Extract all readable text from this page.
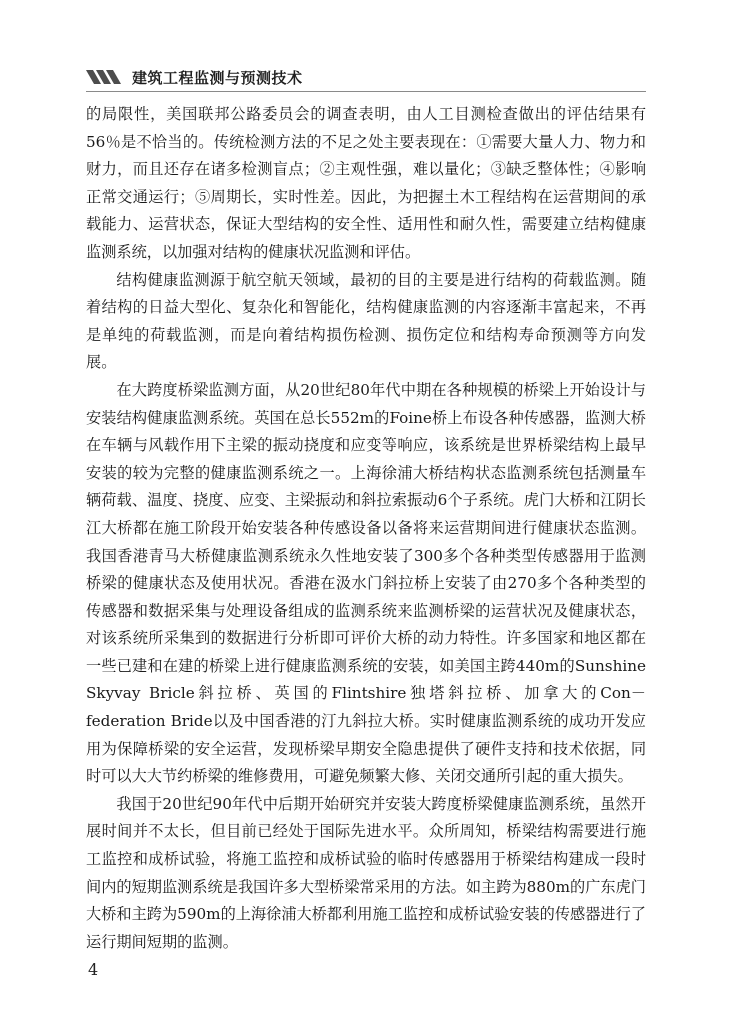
建筑工程监测与预测技术

的局限性，美国联邦公路委员会的调查表明，由人工目测检查做出的评估结果有56％是不恰当的。传统检测方法的不足之处主要表现在：①需要大量人力、物力和财力，而且还存在诸多检测盲点；②主观性强，难以量化；③缺乏整体性；④影响正常交通运行；⑤周期长，实时性差。因此，为把握土木工程结构在运营期间的承载能力、运营状态，保证大型结构的安全性、适用性和耐久性，需要建立结构健康监测系统，以加强对结构的健康状况监测和评估。

结构健康监测源于航空航天领域，最初的目的主要是进行结构的荷载监测。随着结构的日益大型化、复杂化和智能化，结构健康监测的内容逐渐丰富起来，不再是单纯的荷载监测，而是向着结构损伤检测、损伤定位和结构寿命预测等方向发展。

在大跨度桥梁监测方面，从20世纪80年代中期在各种规模的桥梁上开始设计与安装结构健康监测系统。英国在总长552m的Foine桥上布设各种传感器，监测大桥在车辆与风载作用下主梁的振动挠度和应变等响应，该系统是世界桥梁结构上最早安装的较为完整的健康监测系统之一。上海徐浦大桥结构状态监测系统包括测量车辆荷载、温度、挠度、应变、主梁振动和斜拉索振动6个子系统。虎门大桥和江阴长江大桥都在施工阶段开始安装各种传感设备以备将来运营期间进行健康状态监测。我国香港青马大桥健康监测系统永久性地安装了300多个各种类型传感器用于监测桥梁的健康状态及使用状况。香港在汲水门斜拉桥上安装了由270多个各种类型的传感器和数据采集与处理设备组成的监测系统来监测桥梁的运营状况及健康状态，对该系统所采集到的数据进行分析即可评价大桥的动力特性。许多国家和地区都在一些已建和在建的桥梁上进行健康监测系统的安装，如美国主跨440m的Sunshine Skyvay Bricle斜拉桥、英国的Flintshire独塔斜拉桥、加拿大的Con－federation Bride以及中国香港的汀九斜拉大桥。实时健康监测系统的成功开发应用为保障桥梁的安全运营，发现桥梁早期安全隐患提供了硬件支持和技术依据，同时可以大大节约桥梁的维修费用，可避免频繁大修、关闭交通所引起的重大损失。

我国于20世纪90年代中后期开始研究并安装大跨度桥梁健康监测系统，虽然开展时间并不太长，但目前已经处于国际先进水平。众所周知，桥梁结构需要进行施工监控和成桥试验，将施工监控和成桥试验的临时传感器用于桥梁结构建成一段时间内的短期监测系统是我国许多大型桥梁常采用的方法。如主跨为880m的广东虎门大桥和主跨为590m的上海徐浦大桥都利用施工监控和成桥试验安装的传感器进行了运行期间短期的监测。

4
